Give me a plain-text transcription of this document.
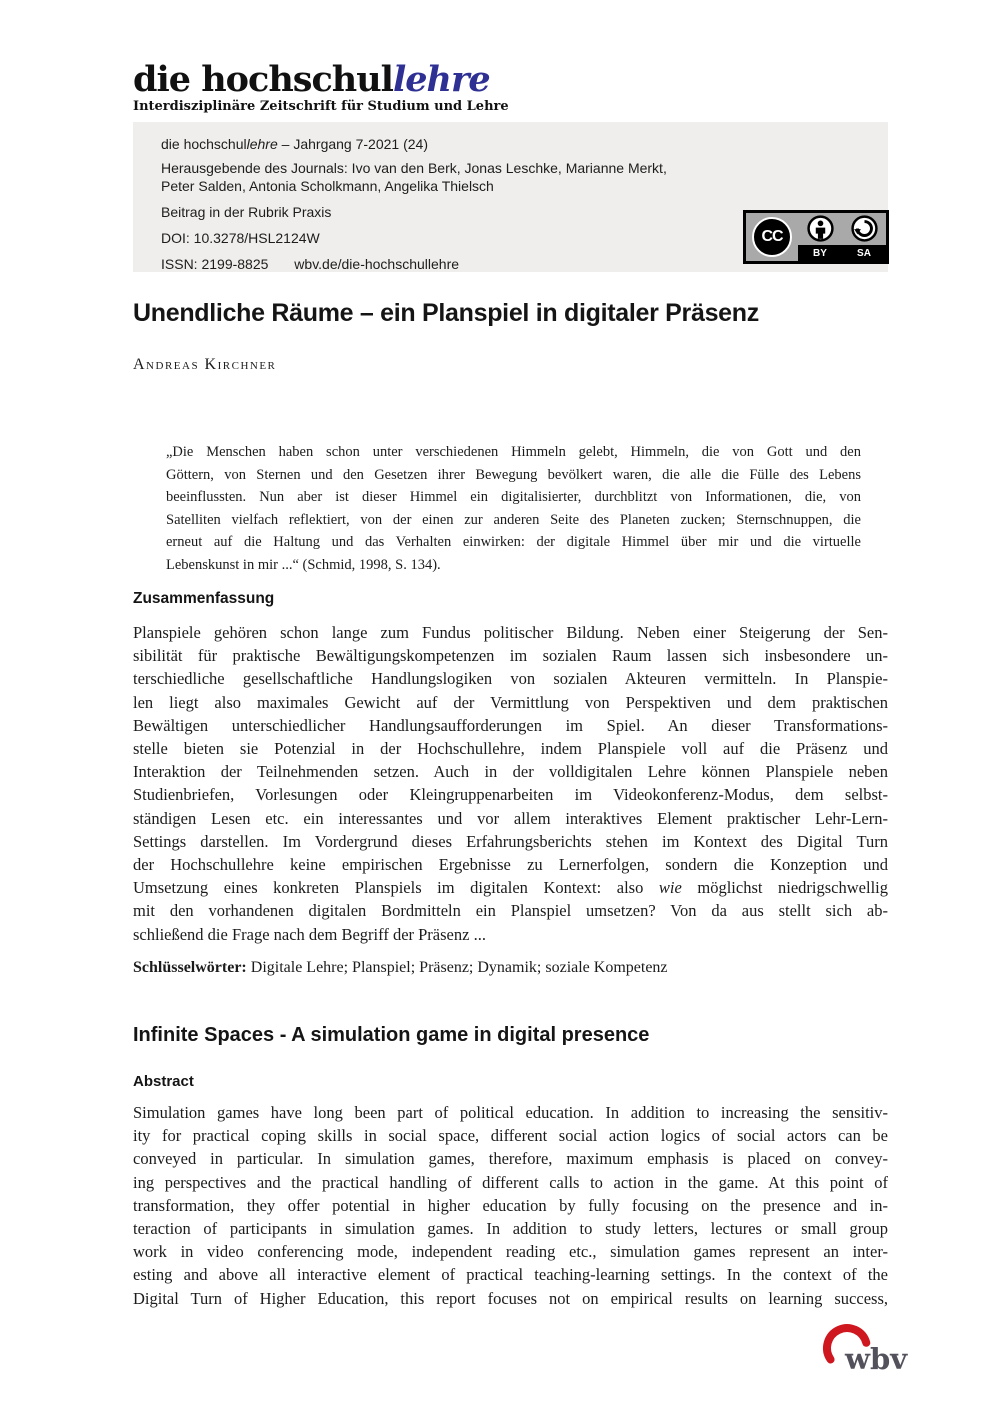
die hochschullehre
Interdisziplinäre Zeitschrift für Studium und Lehre
die hochschullehre – Jahrgang 7-2021 (24)
Herausgebende des Journals: Ivo van den Berk, Jonas Leschke, Marianne Merkt,
Peter Salden, Antonia Scholkmann, Angelika Thielsch
Beitrag in der Rubrik Praxis
DOI: 10.3278/HSL2124W
ISSN: 2199-8825 wbv.de/die-hochschullehre
CC
BY	SA
Unendliche Räume – ein Planspiel in digitaler Präsenz
Andreas Kirchner
„Die Menschen haben schon unter verschiedenen Himmeln gelebt, Himmeln, die von Gott und den
Göttern, von Sternen und den Gesetzen ihrer Bewegung bevölkert waren, die alle die Fülle des Lebens
beeinflussten. Nun aber ist dieser Himmel ein digitalisierter, durchblitzt von Informationen, die, von
Satelliten vielfach reflektiert, von der einen zur anderen Seite des Planeten zucken; Sternschnuppen, die
erneut auf die Haltung und das Verhalten einwirken: der digitale Himmel über mir und die virtuelle
Lebenskunst in mir ...“ (Schmid, 1998, S. 134).
Zusammenfassung
Planspiele gehören schon lange zum Fundus politischer Bildung. Neben einer Steigerung der Sen-
sibilität für praktische Bewältigungskompetenzen im sozialen Raum lassen sich insbesondere un-
terschiedliche gesellschaftliche Handlungslogiken von sozialen Akteuren vermitteln. In Planspie-
len liegt also maximales Gewicht auf der Vermittlung von Perspektiven und dem praktischen
Bewältigen unterschiedlicher Handlungsaufforderungen im Spiel. An dieser Transformations-
stelle bieten sie Potenzial in der Hochschullehre, indem Planspiele voll auf die Präsenz und
Interaktion der Teilnehmenden setzen. Auch in der volldigitalen Lehre können Planspiele neben
Studienbriefen, Vorlesungen oder Kleingruppenarbeiten im Videokonferenz-Modus, dem selbst-
ständigen Lesen etc. ein interessantes und vor allem interaktives Element praktischer Lehr-Lern-
Settings darstellen. Im Vordergrund dieses Erfahrungsberichts stehen im Kontext des Digital Turn
der Hochschullehre keine empirischen Ergebnisse zu Lernerfolgen, sondern die Konzeption und
Umsetzung eines konkreten Planspiels im digitalen Kontext: also wie möglichst niedrigschwellig
mit den vorhandenen digitalen Bordmitteln ein Planspiel umsetzen? Von da aus stellt sich ab-
schließend die Frage nach dem Begriff der Präsenz ...
Schlüsselwörter: Digitale Lehre; Planspiel; Präsenz; Dynamik; soziale Kompetenz
Infinite Spaces - A simulation game in digital presence
Abstract
Simulation games have long been part of political education. In addition to increasing the sensitiv-
ity for practical coping skills in social space, different social action logics of social actors can be
conveyed in particular. In simulation games, therefore, maximum emphasis is placed on convey-
ing perspectives and the practical handling of different calls to action in the game. At this point of
transformation, they offer potential in higher education by fully focusing on the presence and in-
teraction of participants in simulation games. In addition to study letters, lectures or small group
work in video conferencing mode, independent reading etc., simulation games represent an inter-
esting and above all interactive element of practical teaching-learning settings. In the context of the
Digital Turn of Higher Education, this report focuses not on empirical results on learning success,
wbv
